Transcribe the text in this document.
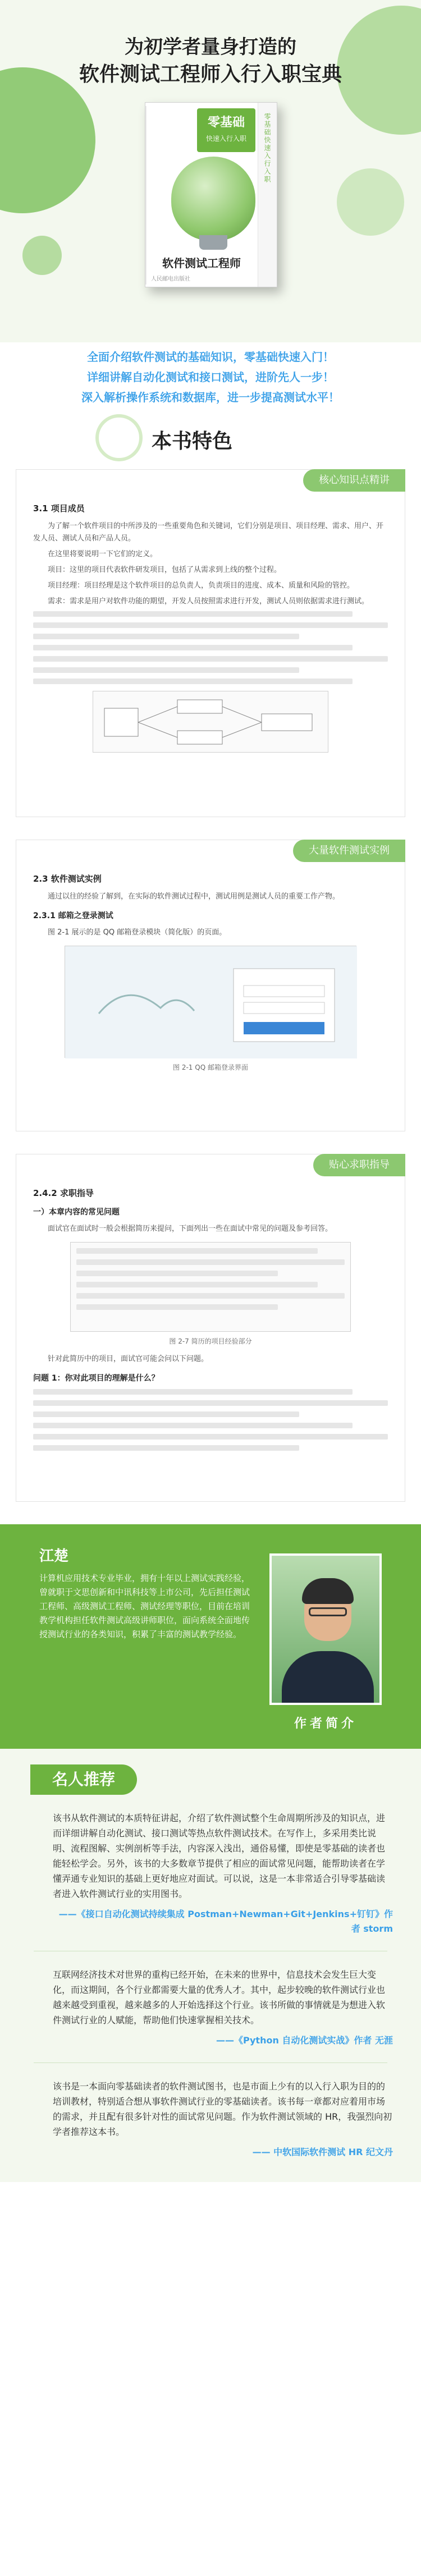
为初学者量身打造的
软件测试工程师入行入职宝典
零基础快速入行入职
零基础
快速入行入职
软件测试工程师
人民邮电出版社
全面介绍软件测试的基础知识，零基础快速入门！
详细讲解自动化测试和接口测试，进阶先人一步！
深入解析操作系统和数据库，进一步提高测试水平！
本书特色
核心知识点精讲
3.1 项目成员

为了解一个软件项目的中所涉及的一些重要角色和关键词，它们分别是项目、项目经理、需求、用户、开发人员、测试人员和产品人员。

在这里将要说明一下它们的定义。

项目：这里的项目代表软件研发项目，包括了从需求到上线的整个过程。

项目经理：项目经理是这个软件项目的总负责人，负责项目的进度、成本、质量和风险的管控。

需求：需求是用户对软件功能的期望，开发人员按照需求进行开发，测试人员则依据需求进行测试。

大量软件测试实例
2.3 软件测试实例

通过以往的经验了解到，在实际的软件测试过程中，测试用例是测试人员的重要工作产物。

2.3.1 邮箱之登录测试

图 2-1 展示的是 QQ 邮箱登录模块（简化版）的页面。

图 2-1 QQ 邮箱登录界面
贴心求职指导
2.4.2 求职指导
一）本章内容的常见问题

面试官在面试时一般会根据简历来提问，下面列出一些在面试中常见的问题及参考回答。

图 2-7 简历的项目经验部分

针对此简历中的项目，面试官可能会问以下问题。

问题 1：你对此项目的理解是什么？
江楚
计算机应用技术专业毕业，拥有十年以上测试实践经验，曾就职于文思创新和中讯科技等上市公司，先后担任测试工程师、高级测试工程师、测试经理等职位，目前在培训教学机构担任软件测试高级讲师职位，面向系统全面地传授测试行业的各类知识，积累了丰富的测试教学经验。
作者简介
名人推荐
该书从软件测试的本质特征讲起，介绍了软件测试整个生命周期所涉及的知识点，进而详细讲解自动化测试、接口测试等热点软件测试技术。在写作上，多采用类比说明、流程图解、实例剖析等手法，内容深入浅出，通俗易懂，即使是零基础的读者也能轻松学会。另外，该书的大多数章节提供了相应的面试常见问题，能帮助读者在学懂弄通专业知识的基础上更好地应对面试。可以说，这是一本非常适合引导零基础读者进入软件测试行业的实用图书。
——《接口自动化测试持续集成 Postman+Newman+Git+Jenkins+钉钉》作者 storm
互联网经济技术对世界的重构已经开始，在未来的世界中，信息技术会发生巨大变化，而这期间，各个行业都需要大量的优秀人才。其中，起步较晚的软件测试行业也越来越受到重视，越来越多的人开始选择这个行业。该书所做的事情就是为想进入软件测试行业的人赋能，帮助他们快速掌握相关技术。
——《Python 自动化测试实战》作者 无涯
该书是一本面向零基础读者的软件测试图书，也是市面上少有的以入行入职为目的的培训教材，特别适合想从事软件测试行业的零基础读者。该书每一章都对应着用市场的需求，并且配有很多针对性的面试常见问题。作为软件测试领域的 HR，我强烈向初学者推荐这本书。
—— 中软国际软件测试 HR 纪文丹
